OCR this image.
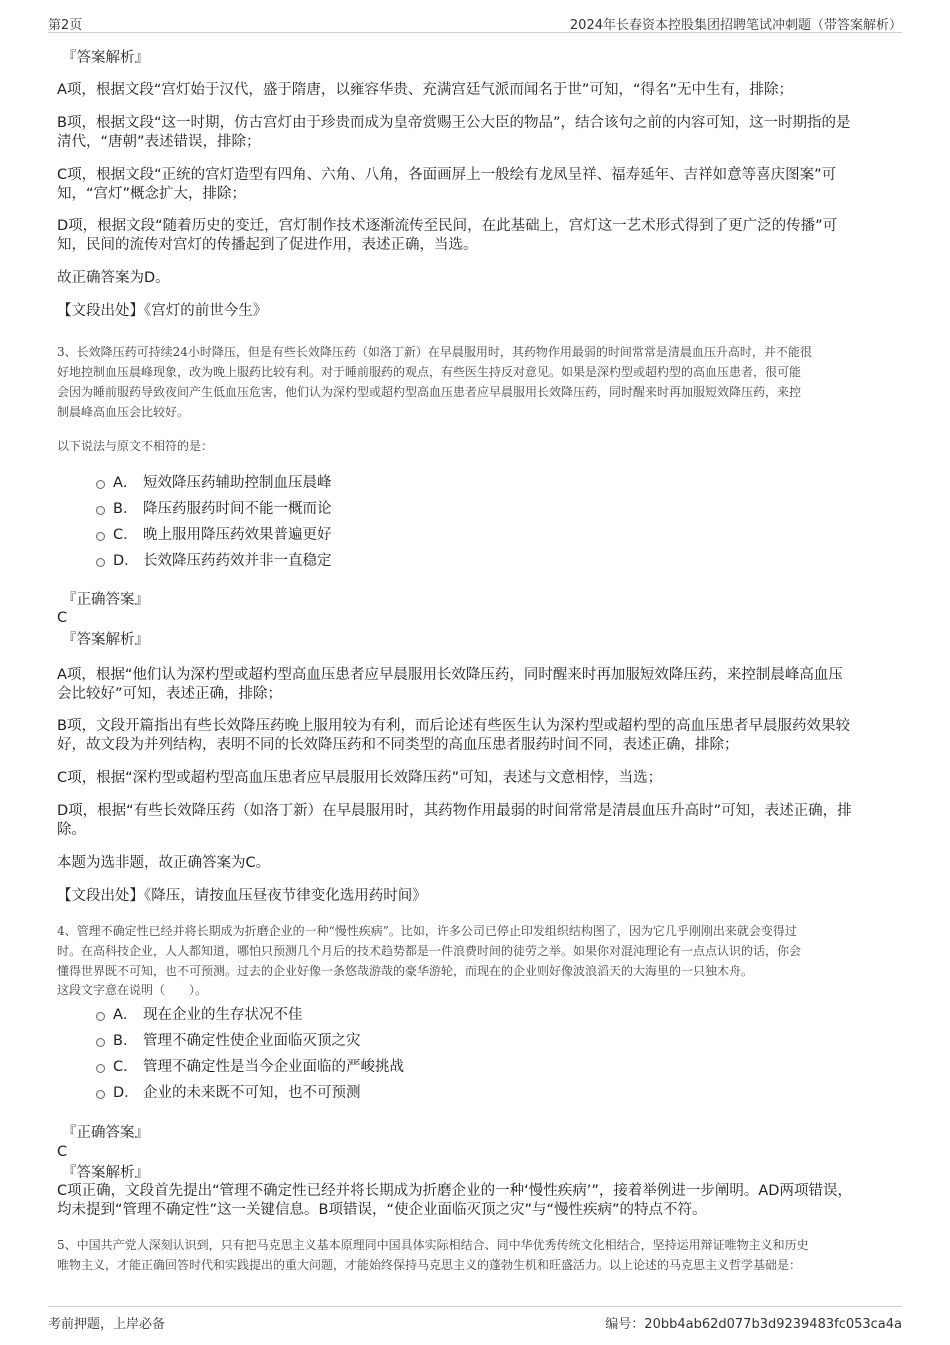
第2页	2024年长春资本控股集团招聘笔试冲刺题（带答案解析）
『答案解析』
A项，根据文段“宫灯始于汉代，盛于隋唐，以雍容华贵、充满宫廷气派而闻名于世”可知，“得名”无中生有，排除；
B项，根据文段“这一时期，仿古宫灯由于珍贵而成为皇帝赏赐王公大臣的物品”，结合该句之前的内容可知，这一时期指的是
清代，“唐朝”表述错误，排除；
C项，根据文段“正统的宫灯造型有四角、六角、八角，各面画屏上一般绘有龙凤呈祥、福寿延年、吉祥如意等喜庆图案”可
知，“宫灯”概念扩大，排除；
D项，根据文段“随着历史的变迁，宫灯制作技术逐渐流传至民间，在此基础上，宫灯这一艺术形式得到了更广泛的传播”可
知，民间的流传对宫灯的传播起到了促进作用，表述正确，当选。
故正确答案为D。
【文段出处】《宫灯的前世今生》
3、长效降压药可持续24小时降压，但是有些长效降压药（如洛丁新）在早晨服用时，其药物作用最弱的时间常常是清晨血压升高时，并不能很
好地控制血压晨峰现象，改为晚上服药比较有利。对于睡前服药的观点，有些医生持反对意见。如果是深杓型或超杓型的高血压患者，很可能
会因为睡前服药导致夜间产生低血压危害，他们认为深杓型或超杓型高血压患者应早晨服用长效降压药，同时醒来时再加服短效降压药，来控
制晨峰高血压会比较好。
以下说法与原文不相符的是：
A． 短效降压药辅助控制血压晨峰
B． 降压药服药时间不能一概而论
C． 晚上服用降压药效果普遍更好
D． 长效降压药药效并非一直稳定
『正确答案』
C
『答案解析』
A项，根据“他们认为深杓型或超杓型高血压患者应早晨服用长效降压药，同时醒来时再加服短效降压药，来控制晨峰高血压
会比较好”可知，表述正确，排除；
B项，文段开篇指出有些长效降压药晚上服用较为有利，而后论述有些医生认为深杓型或超杓型的高血压患者早晨服药效果较
好，故文段为并列结构，表明不同的长效降压药和不同类型的高血压患者服药时间不同，表述正确，排除；
C项，根据“深杓型或超杓型高血压患者应早晨服用长效降压药”可知，表述与文意相悖，当选；
D项，根据“有些长效降压药（如洛丁新）在早晨服用时，其药物作用最弱的时间常常是清晨血压升高时”可知，表述正确，排
除。
本题为选非题，故正确答案为C。
【文段出处】《降压，请按血压昼夜节律变化选用药时间》
4、管理不确定性已经并将长期成为折磨企业的一种“慢性疾病”。比如，许多公司已停止印发组织结构图了，因为它几乎刚刚出来就会变得过
时。在高科技企业，人人都知道，哪怕只预测几个月后的技术趋势都是一件浪费时间的徒劳之举。如果你对混沌理论有一点点认识的话，你会
懂得世界既不可知，也不可预测。过去的企业好像一条悠哉游哉的豪华游轮，而现在的企业则好像波浪滔天的大海里的一只独木舟。
这段文字意在说明（　　）。
A． 现在企业的生存状况不佳
B． 管理不确定性使企业面临灭顶之灾
C． 管理不确定性是当今企业面临的严峻挑战
D． 企业的未来既不可知，也不可预测
『正确答案』
C
『答案解析』
C项正确，文段首先提出“管理不确定性已经并将长期成为折磨企业的一种‘慢性疾病’”，接着举例进一步阐明。AD两项错误，
均未提到“管理不确定性”这一关键信息。B项错误，“使企业面临灭顶之灾”与“慢性疾病”的特点不符。
5、中国共产党人深刻认识到，只有把马克思主义基本原理同中国具体实际相结合、同中华优秀传统文化相结合，坚持运用辩证唯物主义和历史
唯物主义，才能正确回答时代和实践提出的重大问题，才能始终保持马克思主义的蓬勃生机和旺盛活力。以上论述的马克思主义哲学基础是：
考前押题，上岸必备	编号：20bb4ab62d077b3d9239483fc053ca4a
